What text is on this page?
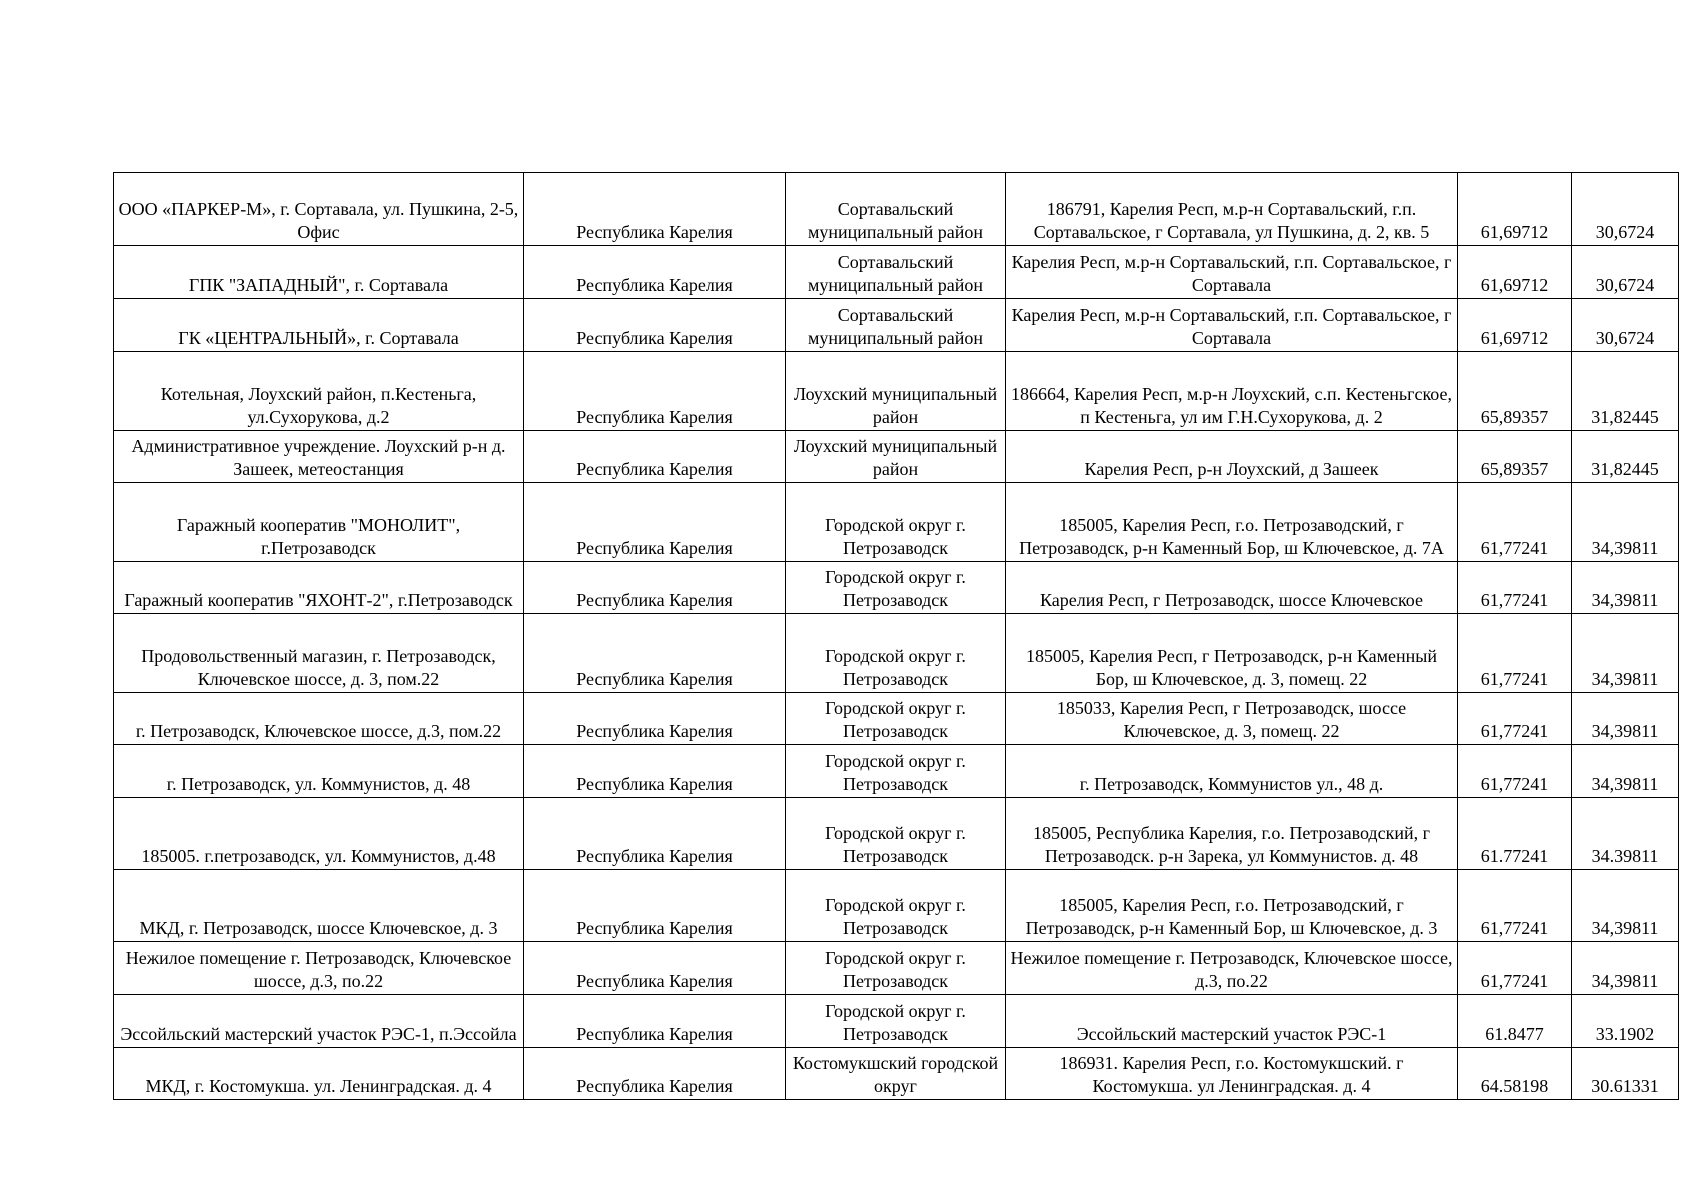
ООО «ПАРКЕР-М», г. Сортавала, ул. Пушкина, 2-5, Офис	Республика Карелия	Сортавальский муниципальный район	186791, Карелия Респ, м.р-н Сортавальский, г.п. Сортавальское, г Сортавала, ул Пушкина, д. 2, кв. 5	61,69712	30,6724
ГПК "ЗАПАДНЫЙ", г. Сортавала	Республика Карелия	Сортавальский муниципальный район	Карелия Респ, м.р-н Сортавальский, г.п. Сортавальское, г Сортавала	61,69712	30,6724
ГК «ЦЕНТРАЛЬНЫЙ», г. Сортавала	Республика Карелия	Сортавальский муниципальный район	Карелия Респ, м.р-н Сортавальский, г.п. Сортавальское, г Сортавала	61,69712	30,6724
Котельная, Лоухский район, п.Кестеньга, ул.Сухорукова, д.2	Республика Карелия	Лоухский муниципальный район	186664, Карелия Респ, м.р-н Лоухский, с.п. Кестеньгское, п Кестеньга, ул им Г.Н.Сухорукова, д. 2	65,89357	31,82445
Административное учреждение. Лоухский р-н д. Зашеек, метеостанция	Республика Карелия	Лоухский муниципальный район	Карелия Респ, р-н Лоухский, д Зашеек	65,89357	31,82445
Гаражный кооператив "МОНОЛИТ", г.Петрозаводск	Республика Карелия	Городской округ г. Петрозаводск	185005, Карелия Респ, г.о. Петрозаводский, г Петрозаводск, р-н Каменный Бор, ш Ключевское, д. 7А	61,77241	34,39811
Гаражный кооператив "ЯХОНТ-2", г.Петрозаводск	Республика Карелия	Городской округ г. Петрозаводск	Карелия Респ, г Петрозаводск, шоссе Ключевское	61,77241	34,39811
Продовольственный магазин, г. Петрозаводск, Ключевское шоссе, д. 3, пом.22	Республика Карелия	Городской округ г. Петрозаводск	185005, Карелия Респ, г Петрозаводск, р-н Каменный Бор, ш Ключевское, д. 3, помещ. 22	61,77241	34,39811
г. Петрозаводск, Ключевское шоссе, д.3, пом.22	Республика Карелия	Городской округ г. Петрозаводск	185033, Карелия Респ, г Петрозаводск, шоссе Ключевское, д. 3, помещ. 22	61,77241	34,39811
г. Петрозаводск, ул. Коммунистов, д. 48	Республика Карелия	Городской округ г. Петрозаводск	г. Петрозаводск, Коммунистов ул., 48 д.	61,77241	34,39811
185005. г.петрозаводск, ул. Коммунистов, д.48	Республика Карелия	Городской округ г. Петрозаводск	185005, Республика Карелия, г.о. Петрозаводский, г Петрозаводск. р-н Зарека, ул Коммунистов. д. 48	61.77241	34.39811
МКД, г. Петрозаводск, шоссе Ключевское, д. 3	Республика Карелия	Городской округ г. Петрозаводск	185005, Карелия Респ, г.о. Петрозаводский, г Петрозаводск, р-н Каменный Бор, ш Ключевское, д. 3	61,77241	34,39811
Нежилое помещение г. Петрозаводск, Ключевское шоссе, д.3, по.22	Республика Карелия	Городской округ г. Петрозаводск	Нежилое помещение г. Петрозаводск, Ключевское шоссе, д.3, по.22	61,77241	34,39811
Эссойльский мастерский участок РЭС-1, п.Эссойла	Республика Карелия	Городской округ г. Петрозаводск	Эссойльский мастерский участок РЭС-1	61.8477	33.1902
МКД, г. Костомукша. ул. Ленинградская. д. 4	Республика Карелия	Костомукшский городской округ	186931. Карелия Респ, г.о. Костомукшский. г Костомукша. ул Ленинградская. д. 4	64.58198	30.61331
